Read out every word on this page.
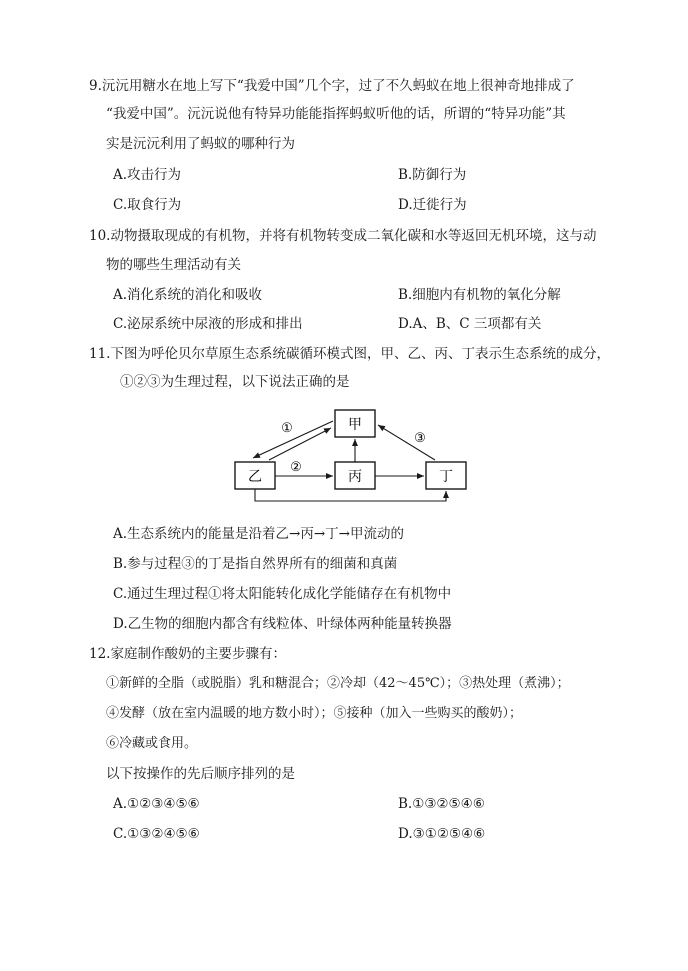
9.沅沅用糖水在地上写下“我爱中国”几个字，过了不久蚂蚁在地上很神奇地排成了
“我爱中国”。沅沅说他有特异功能能指挥蚂蚁听他的话，所谓的“特异功能”其
实是沅沅利用了蚂蚁的哪种行为
A.攻击行为	B.防御行为
C.取食行为	D.迁徙行为
10.动物摄取现成的有机物，并将有机物转变成二氧化碳和水等返回无机环境，这与动
物的哪些生理活动有关
A.消化系统的消化和吸收	B.细胞内有机物的氧化分解
C.泌尿系统中尿液的形成和排出	D.A、B、C 三项都有关
11.下图为呼伦贝尔草原生态系统碳循环模式图，甲、乙、丙、丁表示生态系统的成分，
①②③为生理过程，以下说法正确的是
甲
乙	丙	丁
①
②
③
A.生态系统内的能量是沿着乙→丙→丁→甲流动的
B.参与过程③的丁是指自然界所有的细菌和真菌
C.通过生理过程①将太阳能转化成化学能储存在有机物中
D.乙生物的细胞内都含有线粒体、叶绿体两种能量转换器
12.家庭制作酸奶的主要步骤有：
①新鲜的全脂（或脱脂）乳和糖混合；②冷却（42～45℃）；③热处理（煮沸）；
④发酵（放在室内温暖的地方数小时）；⑤接种（加入一些购买的酸奶）；
⑥冷藏或食用。
以下按操作的先后顺序排列的是
A.①②③④⑤⑥	B.①③②⑤④⑥
C.①③②④⑤⑥	D.③①②⑤④⑥
